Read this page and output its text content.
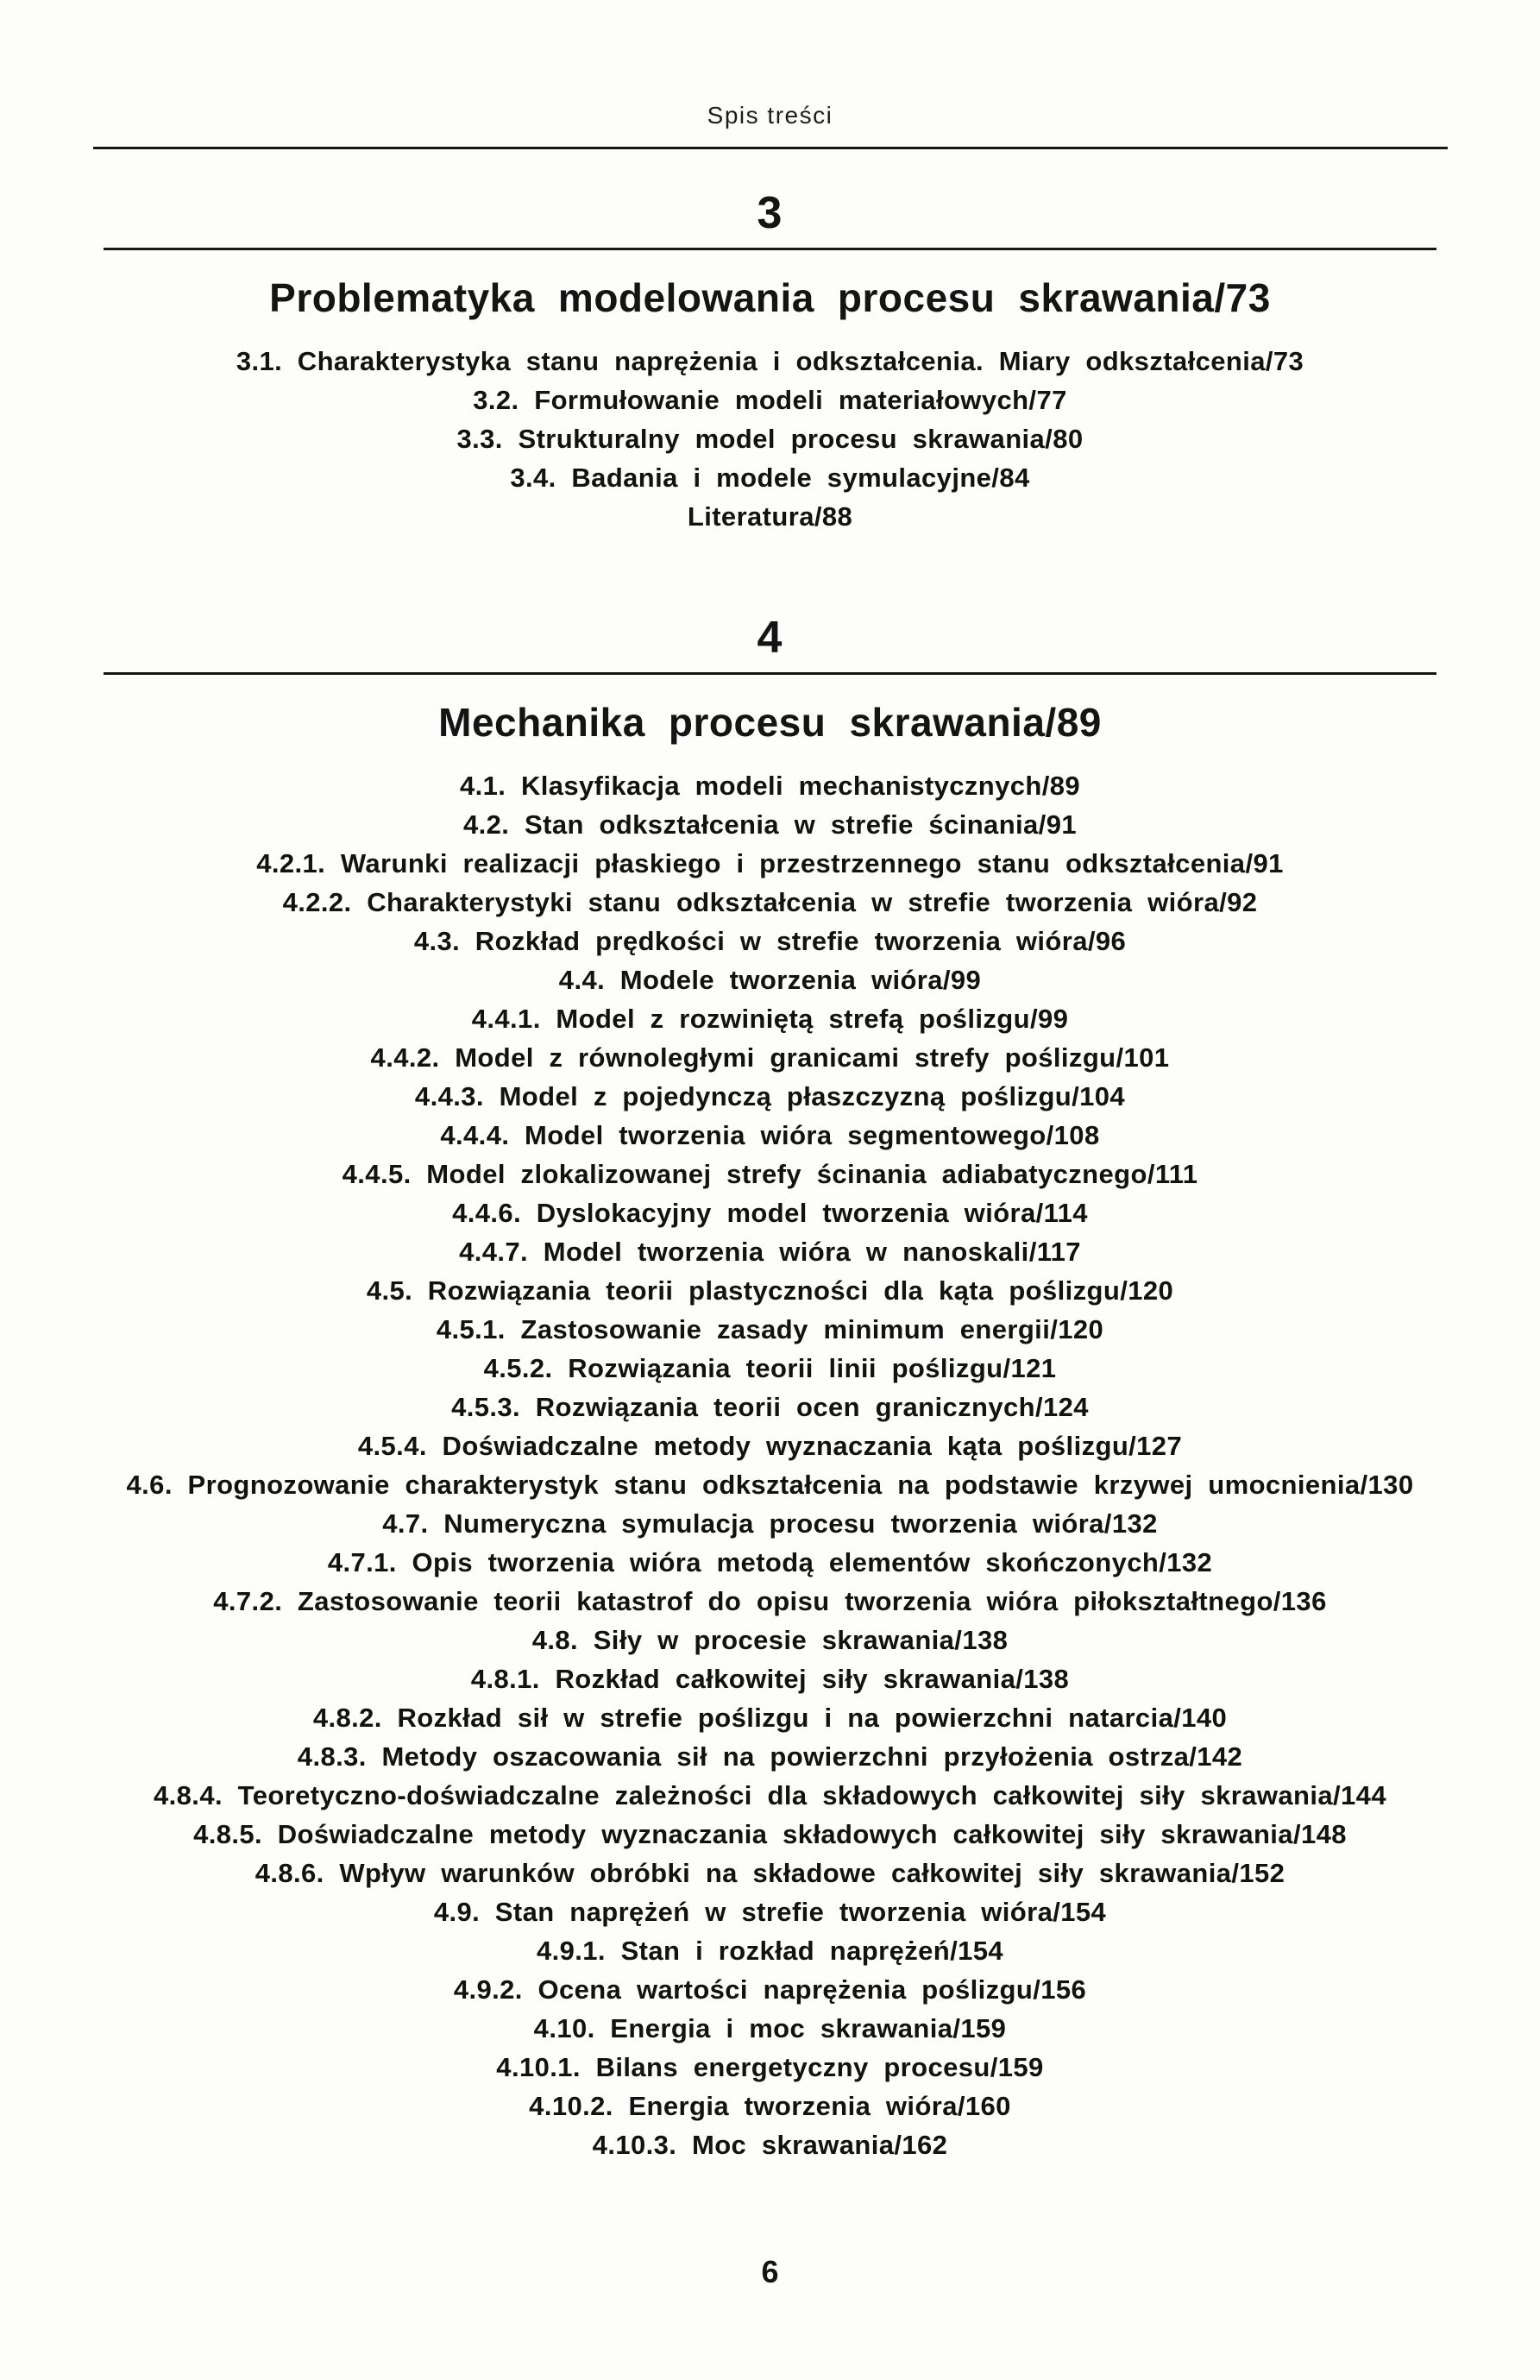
Spis treści
3
Problematyka modelowania procesu skrawania/73
3.1. Charakterystyka stanu naprężenia i odkształcenia. Miary odkształcenia/73
3.2. Formułowanie modeli materiałowych/77
3.3. Strukturalny model procesu skrawania/80
3.4. Badania i modele symulacyjne/84
Literatura/88
4
Mechanika procesu skrawania/89
4.1. Klasyfikacja modeli mechanistycznych/89
4.2. Stan odkształcenia w strefie ścinania/91
4.2.1. Warunki realizacji płaskiego i przestrzennego stanu odkształcenia/91
4.2.2. Charakterystyki stanu odkształcenia w strefie tworzenia wióra/92
4.3. Rozkład prędkości w strefie tworzenia wióra/96
4.4. Modele tworzenia wióra/99
4.4.1. Model z rozwiniętą strefą poślizgu/99
4.4.2. Model z równoległymi granicami strefy poślizgu/101
4.4.3. Model z pojedynczą płaszczyzną poślizgu/104
4.4.4. Model tworzenia wióra segmentowego/108
4.4.5. Model zlokalizowanej strefy ścinania adiabatycznego/111
4.4.6. Dyslokacyjny model tworzenia wióra/114
4.4.7. Model tworzenia wióra w nanoskali/117
4.5. Rozwiązania teorii plastyczności dla kąta poślizgu/120
4.5.1. Zastosowanie zasady minimum energii/120
4.5.2. Rozwiązania teorii linii poślizgu/121
4.5.3. Rozwiązania teorii ocen granicznych/124
4.5.4. Doświadczalne metody wyznaczania kąta poślizgu/127
4.6. Prognozowanie charakterystyk stanu odkształcenia na podstawie krzywej umocnienia/130
4.7. Numeryczna symulacja procesu tworzenia wióra/132
4.7.1. Opis tworzenia wióra metodą elementów skończonych/132
4.7.2. Zastosowanie teorii katastrof do opisu tworzenia wióra piłokształtnego/136
4.8. Siły w procesie skrawania/138
4.8.1. Rozkład całkowitej siły skrawania/138
4.8.2. Rozkład sił w strefie poślizgu i na powierzchni natarcia/140
4.8.3. Metody oszacowania sił na powierzchni przyłożenia ostrza/142
4.8.4. Teoretyczno-doświadczalne zależności dla składowych całkowitej siły skrawania/144
4.8.5. Doświadczalne metody wyznaczania składowych całkowitej siły skrawania/148
4.8.6. Wpływ warunków obróbki na składowe całkowitej siły skrawania/152
4.9. Stan naprężeń w strefie tworzenia wióra/154
4.9.1. Stan i rozkład naprężeń/154
4.9.2. Ocena wartości naprężenia poślizgu/156
4.10. Energia i moc skrawania/159
4.10.1. Bilans energetyczny procesu/159
4.10.2. Energia tworzenia wióra/160
4.10.3. Moc skrawania/162
6
